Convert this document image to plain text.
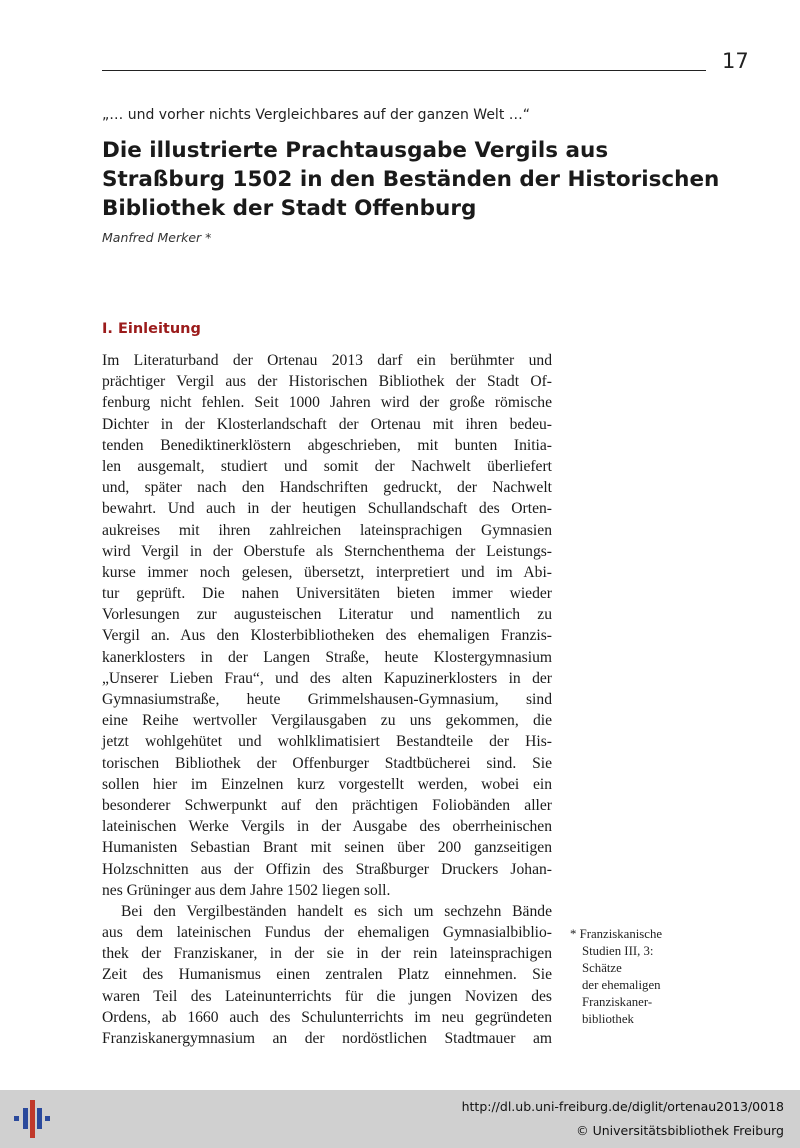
17
„… und vorher nichts Vergleichbares auf der ganzen Welt …“
Die illustrierte Prachtausgabe Vergils aus
Straßburg 1502 in den Beständen der Historischen
Bibliothek der Stadt Offenburg
Manfred Merker *
I. Einleitung
Im Literaturband der Ortenau 2013 darf ein berühmter und
prächtiger Vergil aus der Historischen Bibliothek der Stadt Of-
fenburg nicht fehlen. Seit 1000 Jahren wird der große römische
Dichter in der Klosterlandschaft der Ortenau mit ihren bedeu-
tenden Benediktinerklöstern abgeschrieben, mit bunten Initia-
len ausgemalt, studiert und somit der Nachwelt überliefert
und, später nach den Handschriften gedruckt, der Nachwelt
bewahrt. Und auch in der heutigen Schullandschaft des Orten-
aukreises mit ihren zahlreichen lateinsprachigen Gymnasien
wird Vergil in der Oberstufe als Sternchenthema der Leistungs-
kurse immer noch gelesen, übersetzt, interpretiert und im Abi-
tur geprüft. Die nahen Universitäten bieten immer wieder
Vorlesungen zur augusteischen Literatur und namentlich zu
Vergil an. Aus den Klosterbibliotheken des ehemaligen Franzis-
kanerklosters in der Langen Straße, heute Klostergymnasium
„Unserer Lieben Frau“, und des alten Kapuzinerklosters in der
Gymnasiumstraße, heute Grimmelshausen-Gymnasium, sind
eine Reihe wertvoller Vergilausgaben zu uns gekommen, die
jetzt wohlgehütet und wohlklimatisiert Bestandteile der His-
torischen Bibliothek der Offenburger Stadtbücherei sind. Sie
sollen hier im Einzelnen kurz vorgestellt werden, wobei ein
besonderer Schwerpunkt auf den prächtigen Foliobänden aller
lateinischen Werke Vergils in der Ausgabe des oberrheinischen
Humanisten Sebastian Brant mit seinen über 200 ganzseitigen
Holzschnitten aus der Offizin des Straßburger Druckers Johan-
nes Grüninger aus dem Jahre 1502 liegen soll.
Bei den Vergilbeständen handelt es sich um sechzehn Bände
aus dem lateinischen Fundus der ehemaligen Gymnasialbiblio-
thek der Franziskaner, in der sie in der rein lateinsprachigen
Zeit des Humanismus einen zentralen Platz einnehmen. Sie
waren Teil des Lateinunterrichts für die jungen Novizen des
Ordens, ab 1660 auch des Schulunterrichts im neu gegründeten
Franziskanergymnasium an der nordöstlichen Stadtmauer am
* Franziskanische
Studien III, 3:
Schätze
der ehemaligen
Franziskaner-
bibliothek
http://dl.ub.uni-freiburg.de/diglit/ortenau2013/0018
© Universitätsbibliothek Freiburg
